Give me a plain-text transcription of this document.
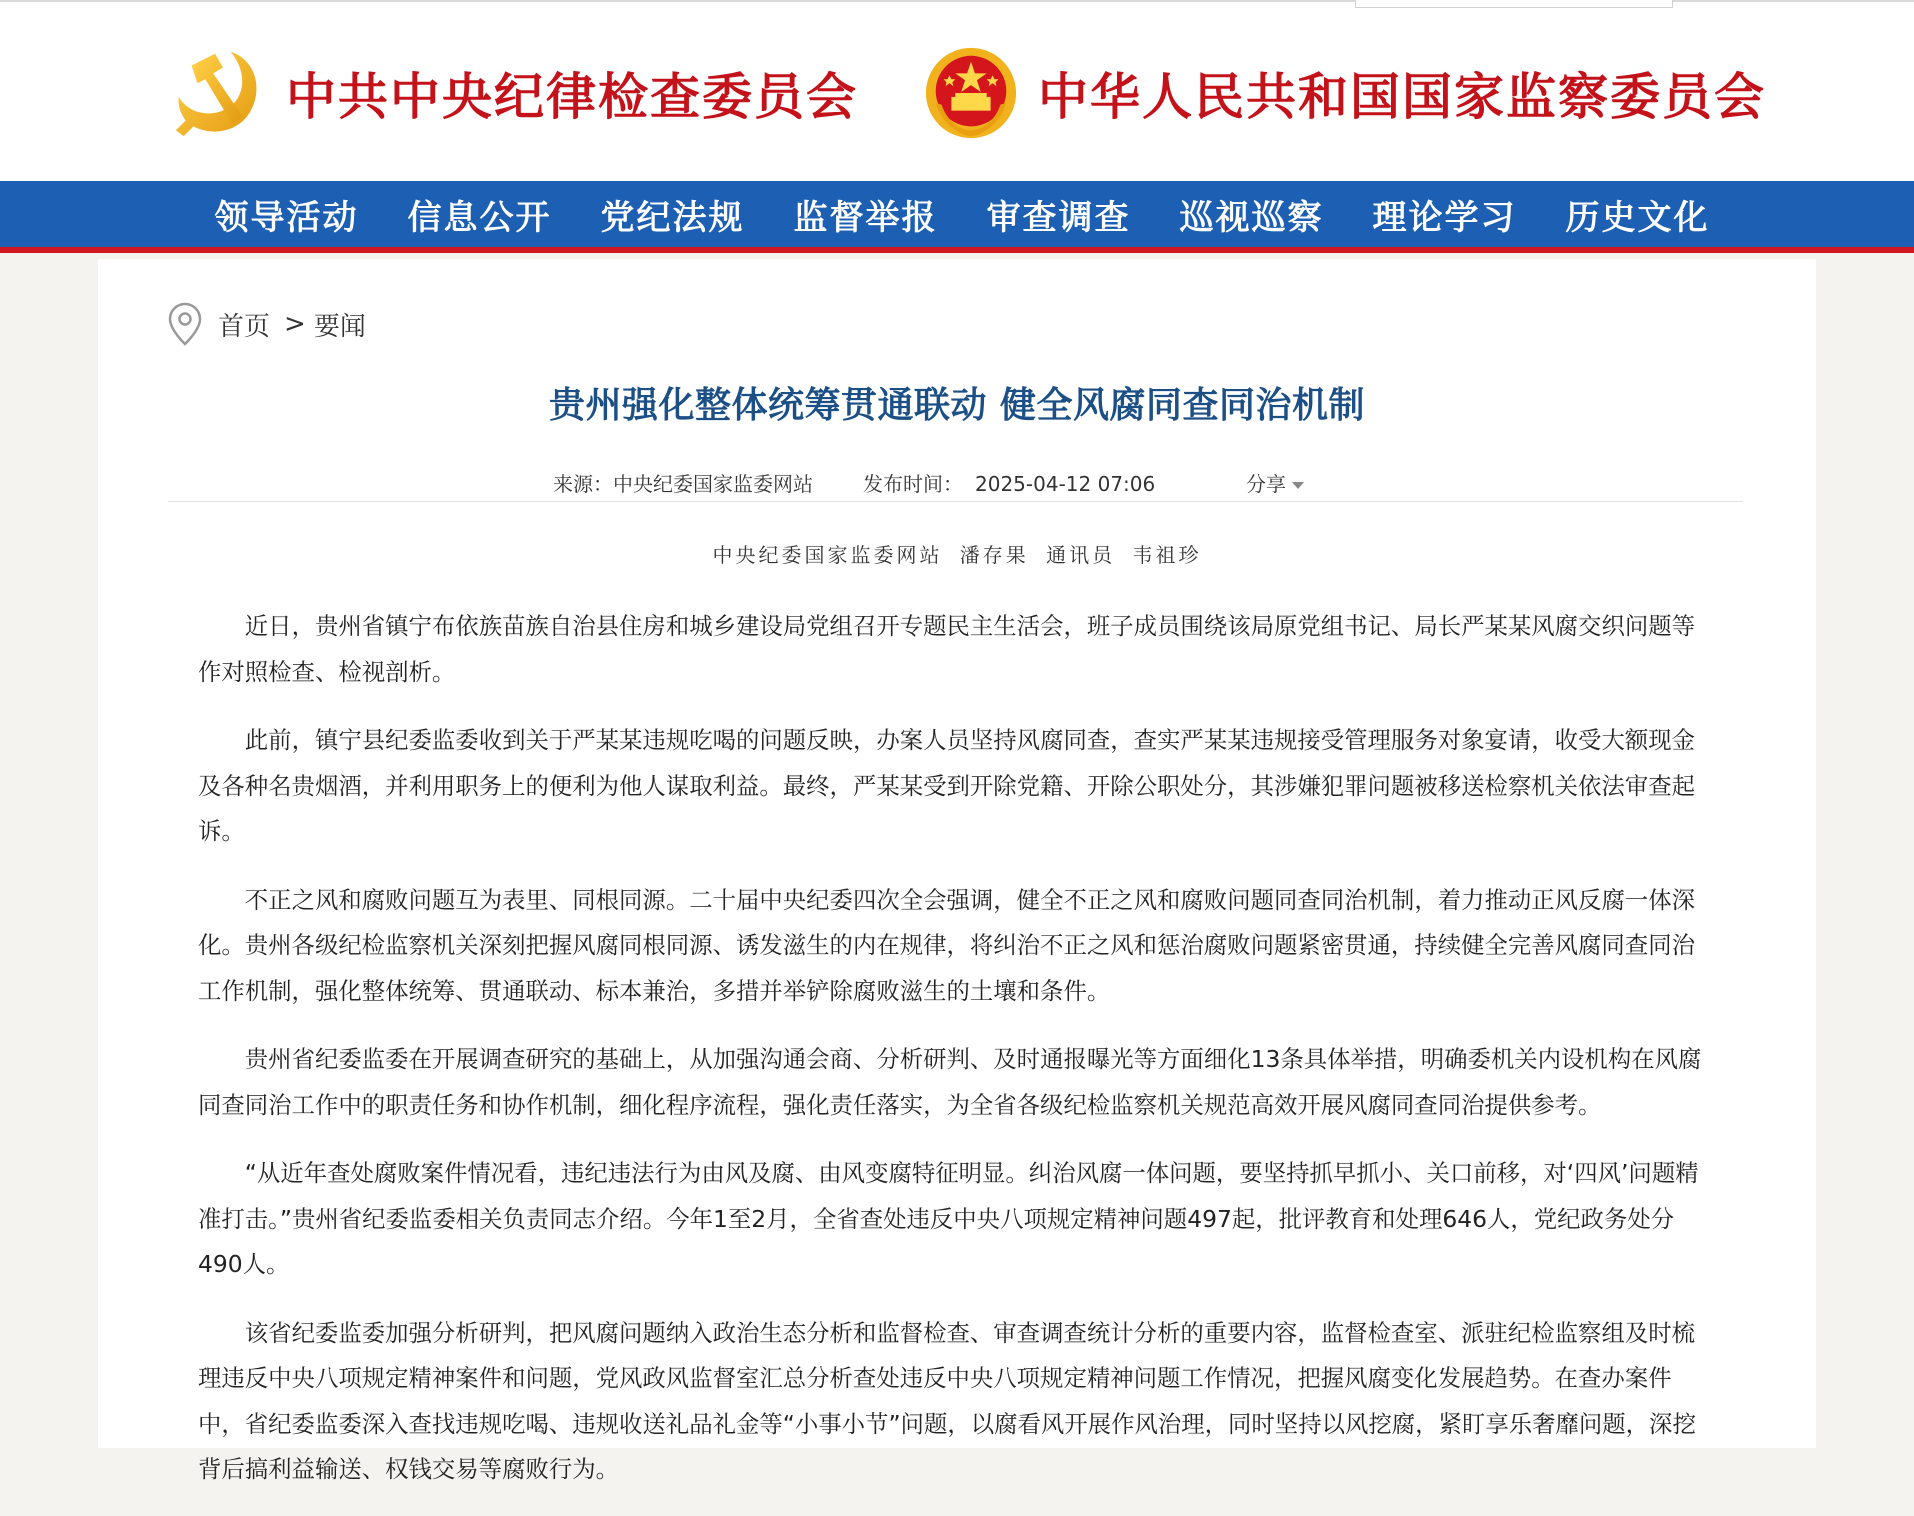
中共中央纪律检查委员会	中华人民共和国国家监察委员会
领导活动	信息公开	党纪法规	监督举报	审查调查	巡视巡察	理论学习	历史文化
首页 > 要闻
贵州强化整体统筹贯通联动 健全风腐同查同治机制
来源：中央纪委国家监委网站	发布时间： 2025-04-12 07:06	分享
中央纪委国家监委网站 潘存果 通讯员 韦祖珍

近日，贵州省镇宁布依族苗族自治县住房和城乡建设局党组召开专题民主生活会，班子成员围绕该局原党组书记、局长严某某风腐交织问题等作对照检查、检视剖析。

此前，镇宁县纪委监委收到关于严某某违规吃喝的问题反映，办案人员坚持风腐同查，查实严某某违规接受管理服务对象宴请，收受大额现金及各种名贵烟酒，并利用职务上的便利为他人谋取利益。最终，严某某受到开除党籍、开除公职处分，其涉嫌犯罪问题被移送检察机关依法审查起诉。

不正之风和腐败问题互为表里、同根同源。二十届中央纪委四次全会强调，健全不正之风和腐败问题同查同治机制，着力推动正风反腐一体深化。贵州各级纪检监察机关深刻把握风腐同根同源、诱发滋生的内在规律，将纠治不正之风和惩治腐败问题紧密贯通，持续健全完善风腐同查同治工作机制，强化整体统筹、贯通联动、标本兼治，多措并举铲除腐败滋生的土壤和条件。

贵州省纪委监委在开展调查研究的基础上，从加强沟通会商、分析研判、及时通报曝光等方面细化13条具体举措，明确委机关内设机构在风腐同查同治工作中的职责任务和协作机制，细化程序流程，强化责任落实，为全省各级纪检监察机关规范高效开展风腐同查同治提供参考。

“从近年查处腐败案件情况看，违纪违法行为由风及腐、由风变腐特征明显。纠治风腐一体问题，要坚持抓早抓小、关口前移，对‘四风’问题精准打击。”贵州省纪委监委相关负责同志介绍。今年1至2月，全省查处违反中央八项规定精神问题497起，批评教育和处理646人，党纪政务处分490人。

该省纪委监委加强分析研判，把风腐问题纳入政治生态分析和监督检查、审查调查统计分析的重要内容，监督检查室、派驻纪检监察组及时梳理违反中央八项规定精神案件和问题，党风政风监督室汇总分析查处违反中央八项规定精神问题工作情况，把握风腐变化发展趋势。在查办案件中，省纪委监委深入查找违规吃喝、违规收送礼品礼金等“小事小节”问题，以腐看风开展作风治理，同时坚持以风挖腐，紧盯享乐奢靡问题，深挖背后搞利益输送、权钱交易等腐败行为。
